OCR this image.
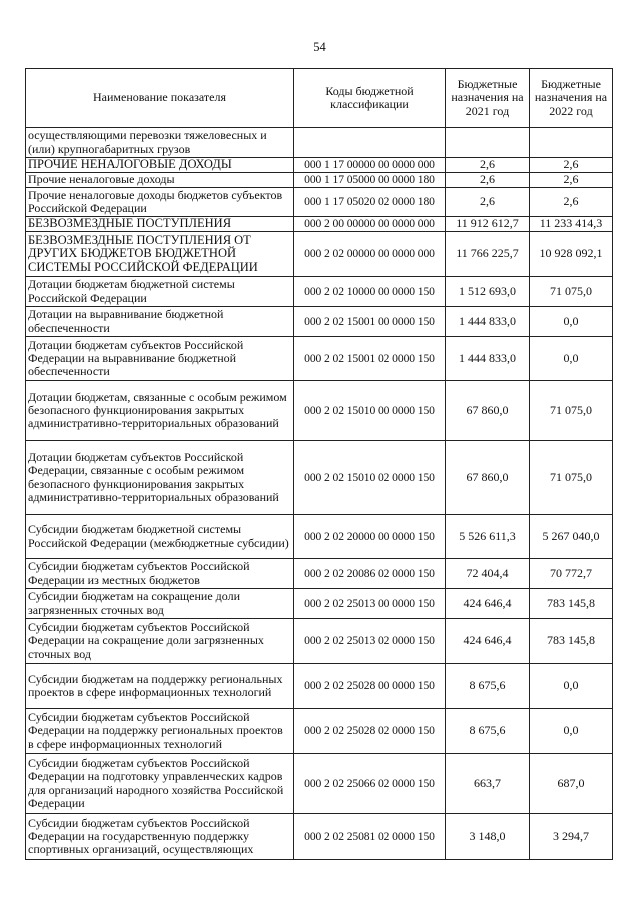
54
Наименование показателя	Коды бюджетной классификации	Бюджетные назначения на 2021 год	Бюджетные назначения на 2022 год
осуществляющими перевозки тяжеловесных и (или) крупногабаритных грузов			
ПРОЧИЕ НЕНАЛОГОВЫЕ ДОХОДЫ	000 1 17 00000 00 0000 000	2,6	2,6
Прочие неналоговые доходы	000 1 17 05000 00 0000 180	2,6	2,6
Прочие неналоговые доходы бюджетов субъектов Российской Федерации	000 1 17 05020 02 0000 180	2,6	2,6
БЕЗВОЗМЕЗДНЫЕ ПОСТУПЛЕНИЯ	000 2 00 00000 00 0000 000	11 912 612,7	11 233 414,3
БЕЗВОЗМЕЗДНЫЕ ПОСТУПЛЕНИЯ ОТ ДРУГИХ БЮДЖЕТОВ БЮДЖЕТНОЙ СИСТЕМЫ РОССИЙСКОЙ ФЕДЕРАЦИИ	000 2 02 00000 00 0000 000	11 766 225,7	10 928 092,1
Дотации бюджетам бюджетной системы Российской Федерации	000 2 02 10000 00 0000 150	1 512 693,0	71 075,0
Дотации на выравнивание бюджетной обеспеченности	000 2 02 15001 00 0000 150	1 444 833,0	0,0
Дотации бюджетам субъектов Российской Федерации на выравнивание бюджетной обеспеченности	000 2 02 15001 02 0000 150	1 444 833,0	0,0
Дотации бюджетам, связанные с особым режимом безопасного функционирования закрытых административно-территориальных образований	000 2 02 15010 00 0000 150	67 860,0	71 075,0
Дотации бюджетам субъектов Российской Федерации, связанные с особым режимом безопасного функционирования закрытых административно-территориальных образований	000 2 02 15010 02 0000 150	67 860,0	71 075,0
Субсидии бюджетам бюджетной системы Российской Федерации (межбюджетные субсидии)	000 2 02 20000 00 0000 150	5 526 611,3	5 267 040,0
Субсидии бюджетам субъектов Российской Федерации из местных бюджетов	000 2 02 20086 02 0000 150	72 404,4	70 772,7
Субсидии бюджетам на сокращение доли загрязненных сточных вод	000 2 02 25013 00 0000 150	424 646,4	783 145,8
Субсидии бюджетам субъектов Российской Федерации на сокращение доли загрязненных сточных вод	000 2 02 25013 02 0000 150	424 646,4	783 145,8
Субсидии бюджетам на поддержку региональных проектов в сфере информационных технологий	000 2 02 25028 00 0000 150	8 675,6	0,0
Субсидии бюджетам субъектов Российской Федерации на поддержку региональных проектов в сфере информационных технологий	000 2 02 25028 02 0000 150	8 675,6	0,0
Субсидии бюджетам субъектов Российской Федерации на подготовку управленческих кадров для организаций народного хозяйства Российской Федерации	000 2 02 25066 02 0000 150	663,7	687,0
Субсидии бюджетам субъектов Российской Федерации на государственную поддержку спортивных организаций, осуществляющих	000 2 02 25081 02 0000 150	3 148,0	3 294,7
